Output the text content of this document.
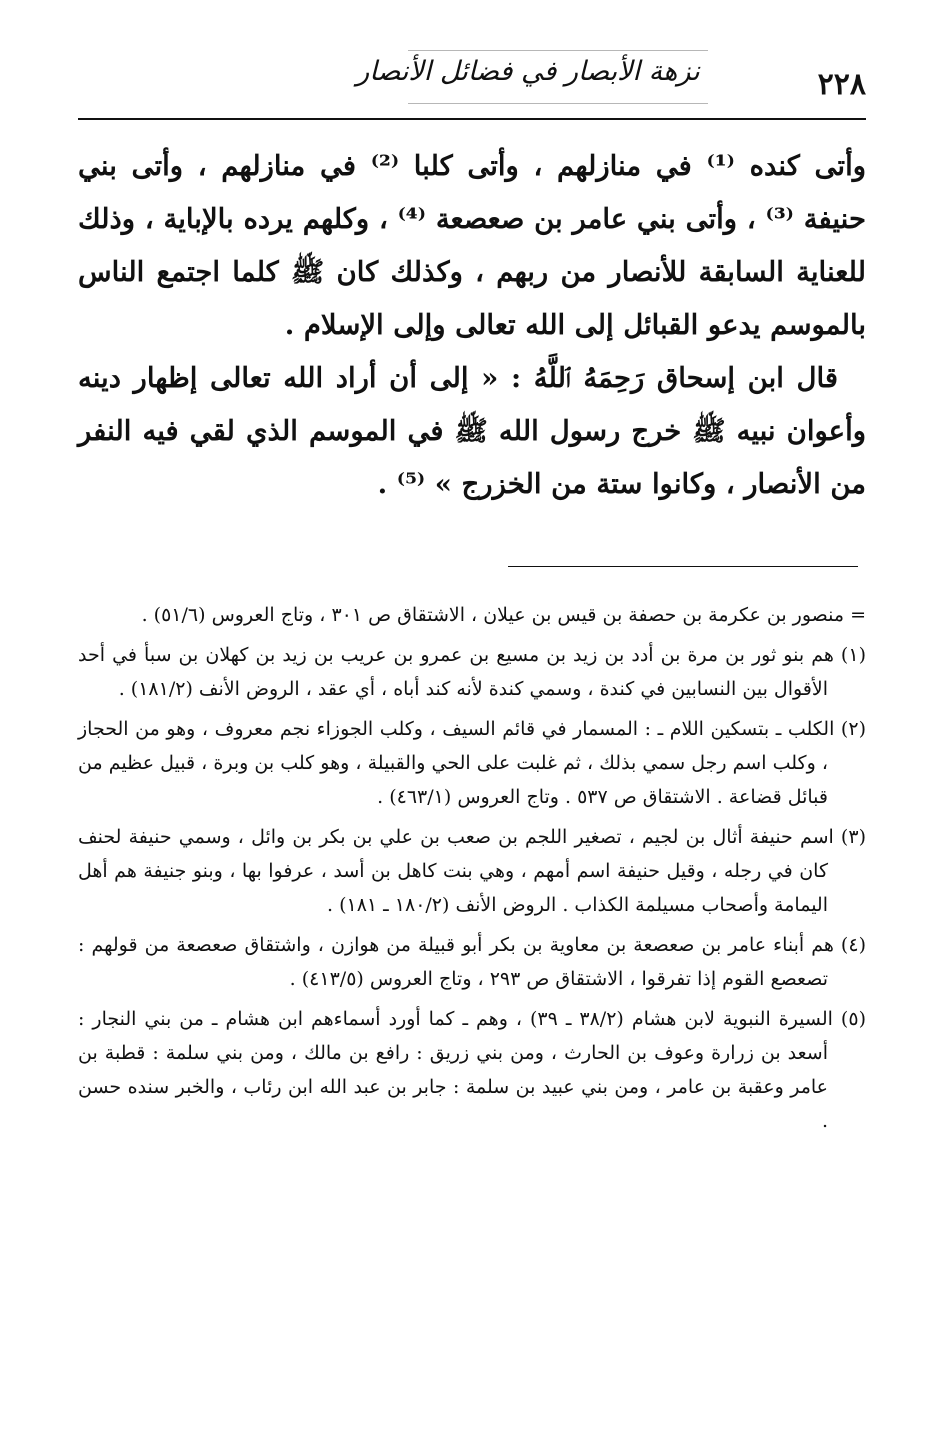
نزهة الأبصار في فضائل الأنصار	٢٢٨

وأتى كنده ⁽¹⁾ في منازلهم ، وأتى كلبا ⁽²⁾ في منازلهم ، وأتى بني حنيفة ⁽³⁾ ، وأتى بني عامر بن صعصعة ⁽⁴⁾ ، وكلهم يرده بالإباية ، وذلك للعناية السابقة للأنصار من ربهم ، وكذلك كان ﷺ كلما اجتمع الناس بالموسم يدعو القبائل إلى الله تعالى وإلى الإسلام .

قال ابن إسحاق رَحِمَهُ ٱللَّهُ : « إلى أن أراد الله تعالى إظهار دينه وأعوان نبيه ﷺ خرج رسول الله ﷺ في الموسم الذي لقي فيه النفر من الأنصار ، وكانوا ستة من الخزرج » ⁽⁵⁾ .

= منصور بن عكرمة بن حصفة بن قيس بن عيلان ، الاشتقاق ص ٣٠١ ، وتاج العروس (٥١/٦) .

(١) هم بنو ثور بن مرة بن أدد بن زيد بن مسيع بن عمرو بن عريب بن زيد بن كهلان بن سبأ في أحد الأقوال بين النسابين في كندة ، وسمي كندة لأنه كند أباه ، أي عقد ، الروض الأنف (١٨١/٢) .

(٢) الكلب ـ بتسكين اللام ـ : المسمار في قائم السيف ، وكلب الجوزاء نجم معروف ، وهو من الحجاز ، وكلب اسم رجل سمي بذلك ، ثم غلبت على الحي والقبيلة ، وهو كلب بن وبرة ، قبيل عظيم من قبائل قضاعة . الاشتقاق ص ٥٣٧ . وتاج العروس (٤٦٣/١) .

(٣) اسم حنيفة أثال بن لجيم ، تصغير اللجم بن صعب بن علي بن بكر بن وائل ، وسمي حنيفة لحنف كان في رجله ، وقيل حنيفة اسم أمهم ، وهي بنت كاهل بن أسد ، عرفوا بها ، وبنو جنيفة هم أهل اليمامة وأصحاب مسيلمة الكذاب . الروض الأنف (١٨٠/٢ ـ ١٨١) .

(٤) هم أبناء عامر بن صعصعة بن معاوية بن بكر أبو قبيلة من هوازن ، واشتقاق صعصعة من قولهم : تصعصع القوم إذا تفرقوا ، الاشتقاق ص ٢٩٣ ، وتاج العروس (٤١٣/٥) .

(٥) السيرة النبوية لابن هشام (٣٨/٢ ـ ٣٩) ، وهم ـ كما أورد أسماءهم ابن هشام ـ من بني النجار : أسعد بن زرارة وعوف بن الحارث ، ومن بني زريق : رافع بن مالك ، ومن بني سلمة : قطبة بن عامر وعقبة بن عامر ، ومن بني عبيد بن سلمة : جابر بن عبد الله ابن رئاب ، والخبر سنده حسن .
